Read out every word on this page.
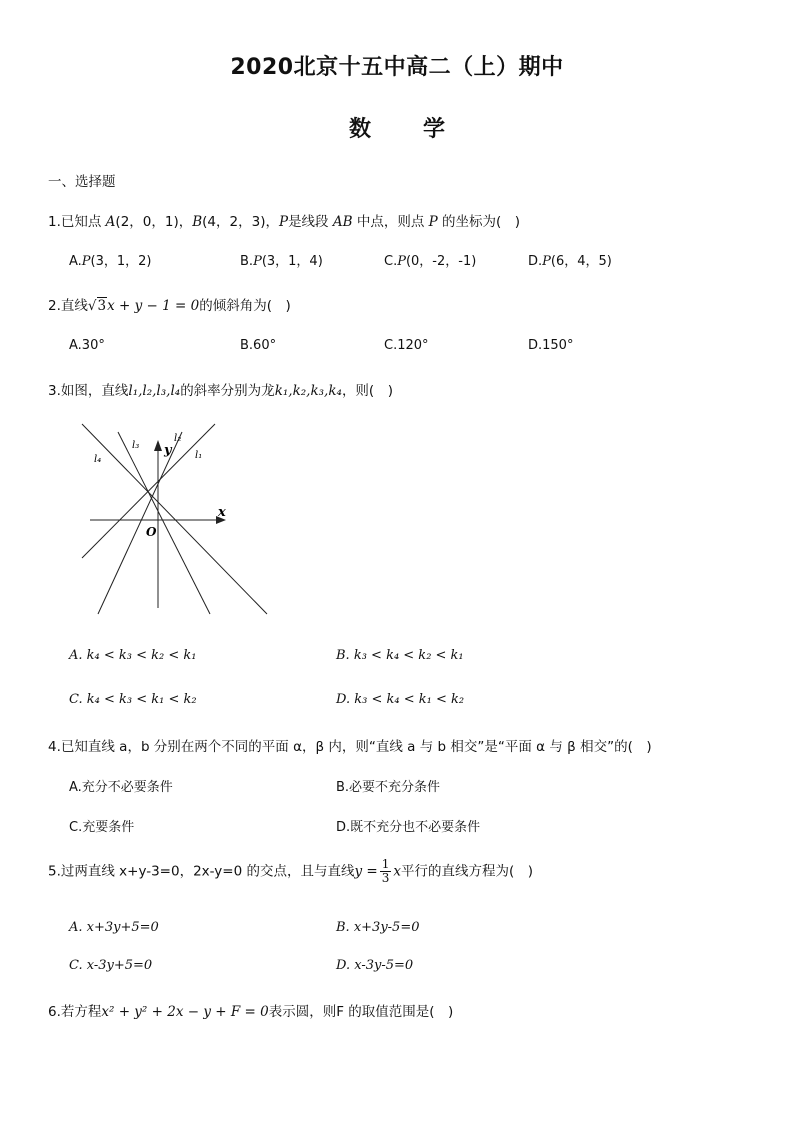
2020北京十五中高二（上）期中
数 学
一、选择题
1.已知点 A(2，0，1)，B(4，2，3)，P是线段 AB 中点，则点 P 的坐标为(　)
A.P(3，1，2)	B.P(3，1，4)	C.P(0，-2，-1)	D.P(6，4，5)
2.直线√3x + y − 1 = 0的倾斜角为(　)
A.30°	B.60°	C.120°	D.150°
3.如图，直线l₁,l₂,l₃,l₄的斜率分别为龙k₁,k₂,k₃,k₄，则(　)
y
x
O
l₄
l₃
l₂
l₁
A. k₄ < k₃ < k₂ < k₁	B. k₃ < k₄ < k₂ < k₁
C. k₄ < k₃ < k₁ < k₂	D. k₃ < k₄ < k₁ < k₂
4.已知直线 a，b 分别在两个不同的平面 α，β 内，则“直线 a 与 b 相交”是“平面 α 与 β 相交”的(　)
A.充分不必要条件	B.必要不充分条件
C.充要条件	D.既不充分也不必要条件
5.过两直线 x+y-3=0，2x-y=0 的交点，且与直线$y = \frac{1}{3}$ x平行的直线方程为(　)
A. x+3y+5=0	B. x+3y-5=0
C. x-3y+5=0	D. x-3y-5=0
6.若方程x² + y² + 2x − y + F = 0表示圆，则F 的取值范围是(　)
